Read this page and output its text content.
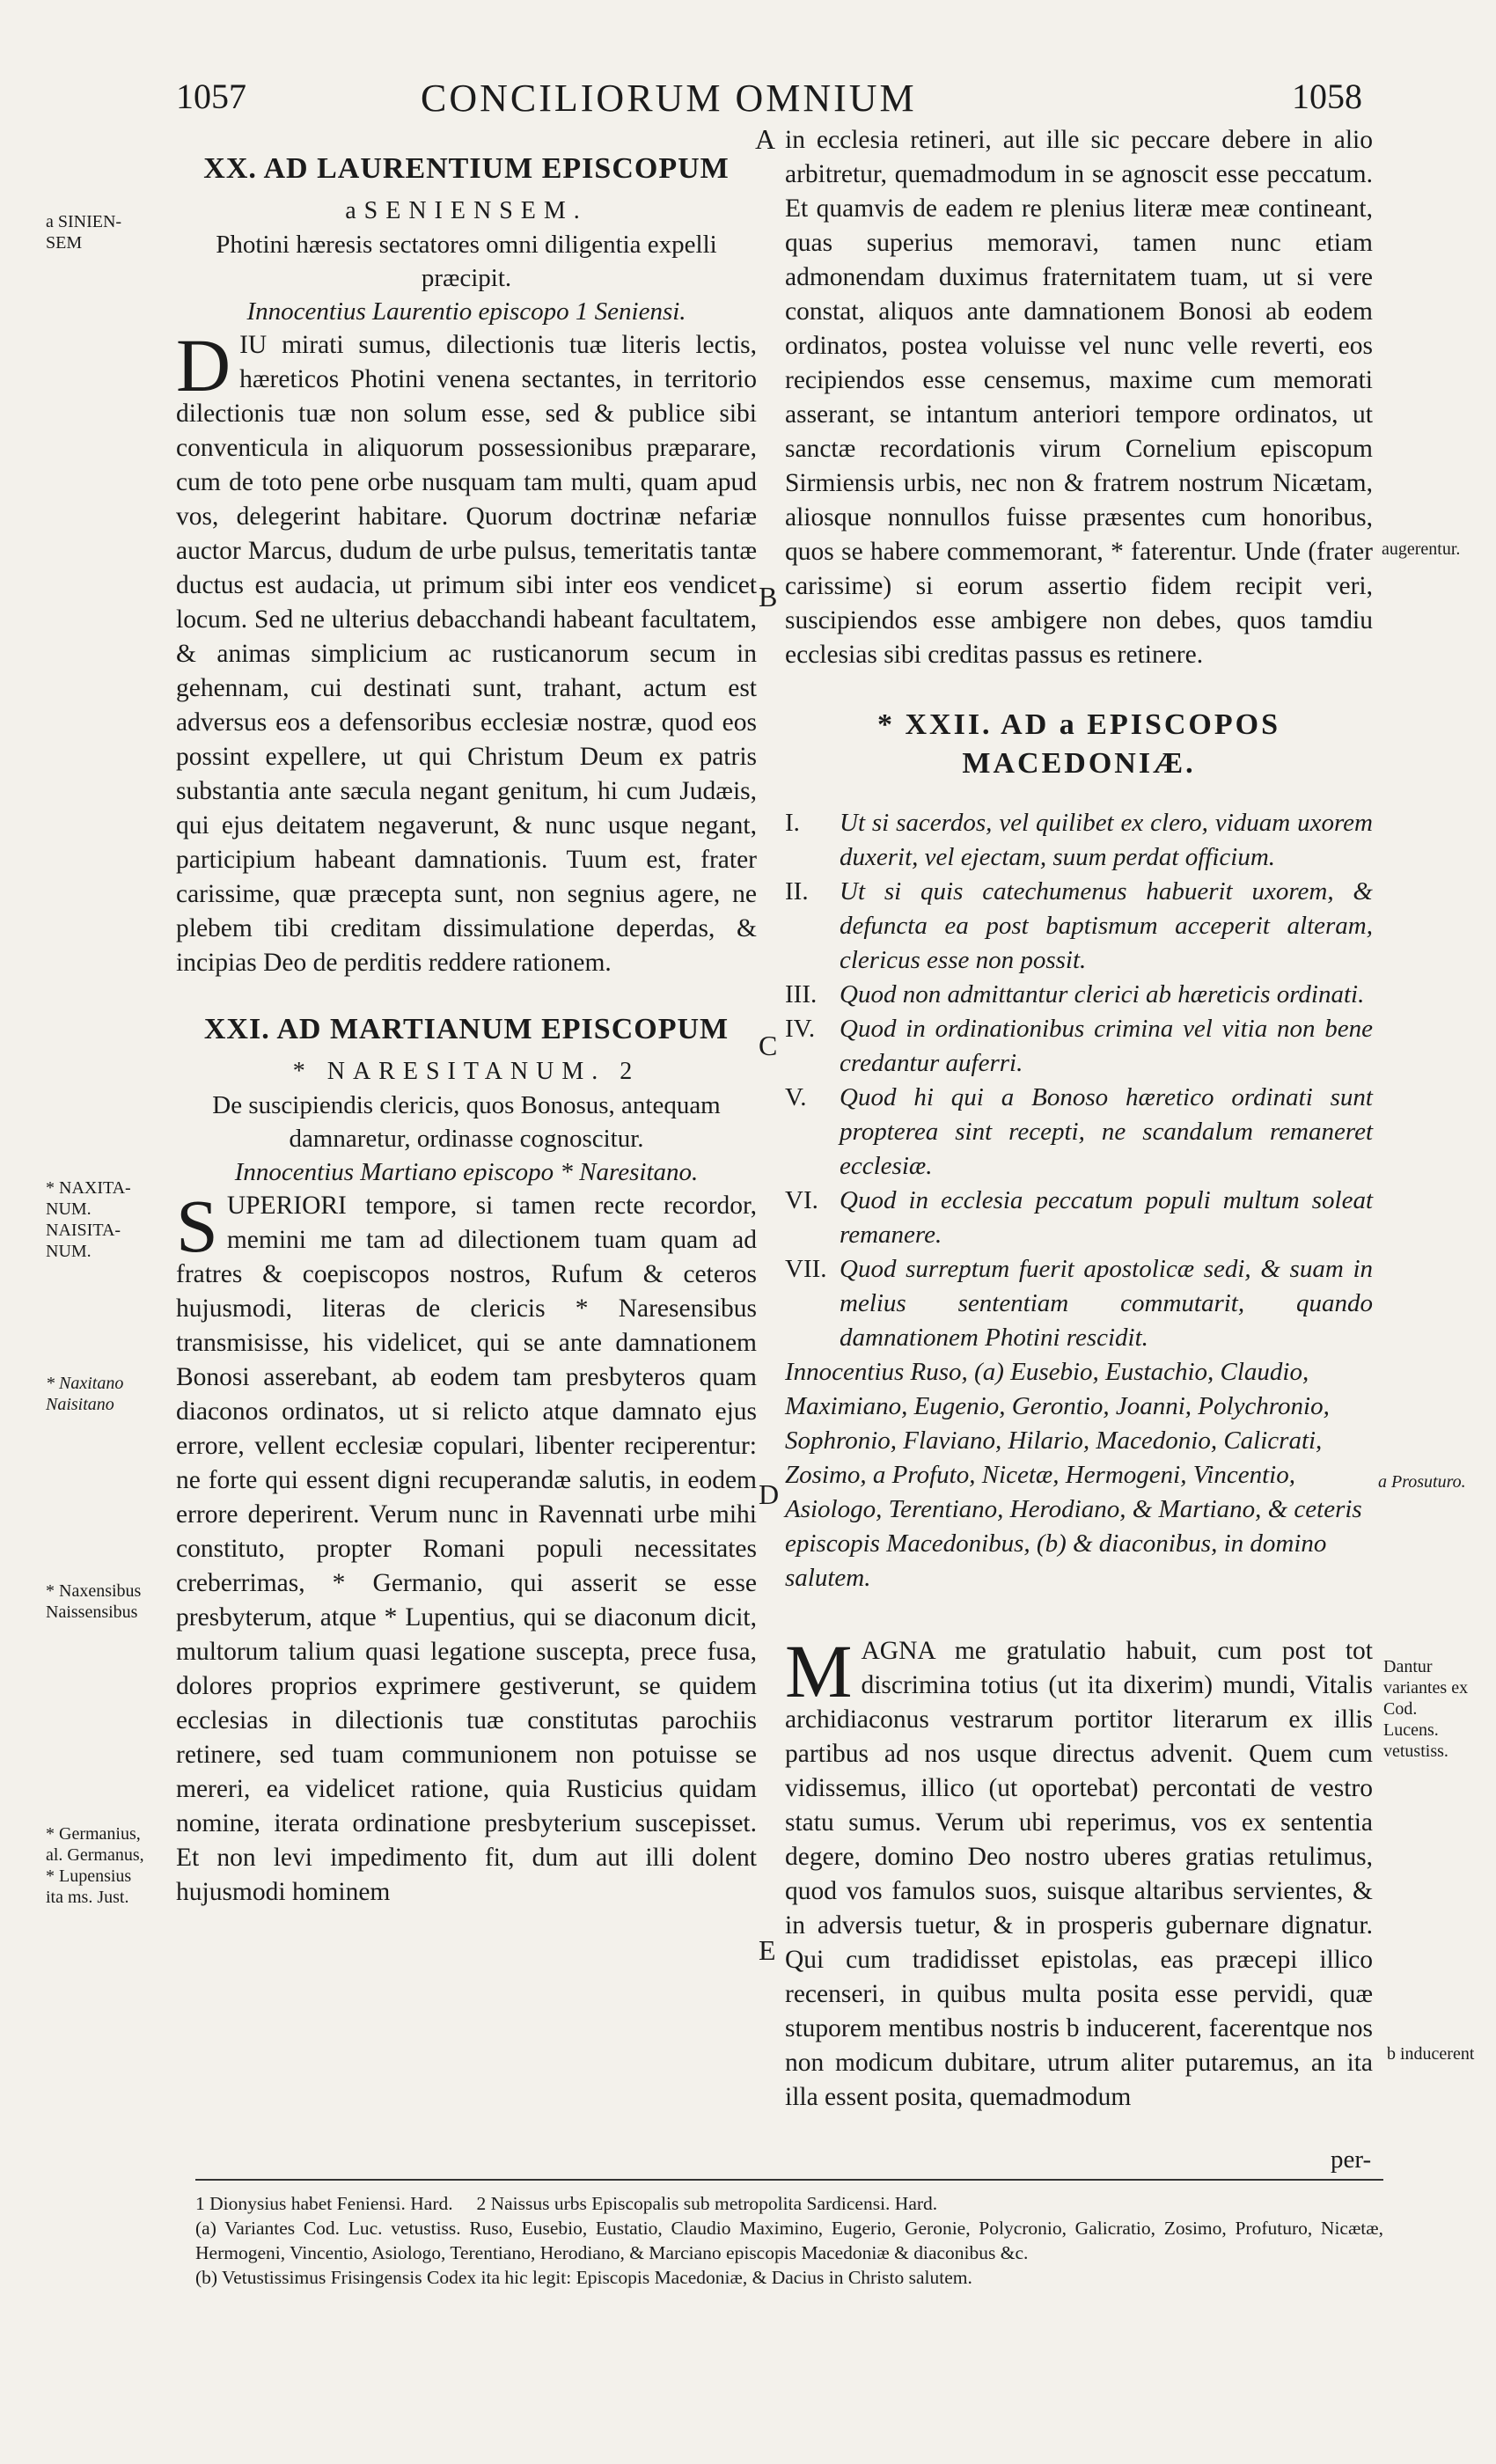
1057	CONCILIORUM OMNIUM	1058
a SINIEN-
SEM
* NAXITA-
NUM.
NAISITA-
NUM.
* Naxitano
Naisitano
* Naxensibus
Naissensibus
* Germanius,
al. Germanus,
* Lupensius
ita ms. Just.
augerentur.
a Prosuturo.
Dantur variantes ex Cod. Lucens. vetustiss.
b inducerent
A
B
C
D
E
XX. AD LAURENTIUM EPISCOPUM
aSENIENSEM.

Photini hæresis sectatores omni diligentia expelli præcipit.

Innocentius Laurentio episcopo 1 Seniensi.

DIU mirati sumus, dilectionis tuæ literis lectis, hæreticos Photini venena sectantes, in territorio dilectionis tuæ non solum esse, sed & publice sibi conventicula in aliquorum possessionibus præparare, cum de toto pene orbe nusquam tam multi, quam apud vos, delegerint habitare. Quorum doctrinæ nefariæ auctor Marcus, dudum de urbe pulsus, temeritatis tantæ ductus est audacia, ut primum sibi inter eos vendicet locum. Sed ne ulterius debacchandi habeant facultatem, & animas simplicium ac rusticanorum secum in gehennam, cui destinati sunt, trahant, actum est adversus eos a defensoribus ecclesiæ nostræ, quod eos possint expellere, ut qui Christum Deum ex patris substantia ante sæcula negant genitum, hi cum Judæis, qui ejus deitatem negaverunt, & nunc usque negant, participium habeant damnationis. Tuum est, frater carissime, quæ præcepta sunt, non segnius agere, ne plebem tibi creditam dissimulatione deperdas, & incipias Deo de perditis reddere rationem.

XXI. AD MARTIANUM EPISCOPUM
* NARESITANUM. 2

De suscipiendis clericis, quos Bonosus, antequam damnaretur, ordinasse cognoscitur.

Innocentius Martiano episcopo * Naresitano.

SUPERIORI tempore, si tamen recte recordor, memini me tam ad dilectionem tuam quam ad fratres & coepiscopos nostros, Rufum & ceteros hujusmodi, literas de clericis * Naresensibus transmisisse, his videlicet, qui se ante damnationem Bonosi asserebant, ab eodem tam presbyteros quam diaconos ordinatos, ut si relicto atque damnato ejus errore, vellent ecclesiæ copulari, libenter reciperentur: ne forte qui essent digni recuperandæ salutis, in eodem errore deperirent. Verum nunc in Ravennati urbe mihi constituto, propter Romani populi necessitates creberrimas, * Germanio, qui asserit se esse presbyterum, atque * Lupentius, qui se diaconum dicit, multorum talium quasi legatione suscepta, prece fusa, dolores proprios exprimere gestiverunt, se quidem ecclesias in dilectionis tuæ constitutas parochiis retinere, sed tuam communionem non potuisse se mereri, ea videlicet ratione, quia Rusticius quidam nomine, iterata ordinatione presbyterium suscepisset. Et non levi impedimento fit, dum aut illi dolent hujusmodi hominem

in ecclesia retineri, aut ille sic peccare debere in alio arbitretur, quemadmodum in se agnoscit esse peccatum. Et quamvis de eadem re plenius literæ meæ contineant, quas superius memoravi, tamen nunc etiam admonendam duximus fraternitatem tuam, ut si vere constat, aliquos ante damnationem Bonosi ab eodem ordinatos, postea voluisse vel nunc velle reverti, eos recipiendos esse censemus, maxime cum memorati asserant, se intantum anteriori tempore ordinatos, ut sanctæ recordationis virum Cornelium episcopum Sirmiensis urbis, nec non & fratrem nostrum Nicætam, aliosque nonnullos fuisse præsentes cum honoribus, quos se habere commemorant, * faterentur. Unde (frater carissime) si eorum assertio fidem recipit veri, suscipiendos esse ambigere non debes, quos tamdiu ecclesias sibi creditas passus es retinere.

* XXII. AD a EPISCOPOS
MACEDONIÆ.
I.	Ut si sacerdos, vel quilibet ex clero, viduam uxorem duxerit, vel ejectam, suum perdat officium.
II.	Ut si quis catechumenus habuerit uxorem, & defuncta ea post baptismum acceperit alteram, clericus esse non possit.
III. Quod non admittantur clerici ab hæreticis ordinati.
IV. Quod in ordinationibus crimina vel vitia non bene credantur auferri.
V.	Quod hi qui a Bonoso hæretico ordinati sunt propterea sint recepti, ne scandalum remaneret ecclesiæ.
VI. Quod in ecclesia peccatum populi multum soleat remanere.
VII. Quod surreptum fuerit apostolicæ sedi, & suam in melius sententiam commutarit, quando damnationem Photini rescidit.

Innocentius Ruso, (a) Eusebio, Eustachio, Claudio, Maximiano, Eugenio, Gerontio, Joanni, Polychronio, Sophronio, Flaviano, Hilario, Macedonio, Calicrati, Zosimo, a Profuto, Nicetæ, Hermogeni, Vincentio, Asiologo, Terentiano, Herodiano, & Martiano, & ceteris episcopis Macedonibus, (b) & diaconibus, in domino salutem.

MAGNA me gratulatio habuit, cum post tot discrimina totius (ut ita dixerim) mundi, Vitalis archidiaconus vestrarum portitor literarum ex illis partibus ad nos usque directus advenit. Quem cum vidissemus, illico (ut oportebat) percontati de vestro statu sumus. Verum ubi reperimus, vos ex sententia degere, domino Deo nostro uberes gratias retulimus, quod vos famulos suos, suisque altaribus servientes, & in adversis tuetur, & in prosperis gubernare dignatur. Qui cum tradidisset epistolas, eas præcepi illico recenseri, in quibus multa posita esse pervidi, quæ stuporem mentibus nostris b inducerent, facerentque nos non modicum dubitare, utrum aliter putaremus, an ita illa essent posita, quemadmodum

per-

1 Dionysius habet Feniensi. Hard.     2 Naissus urbs Episcopalis sub metropolita Sardicensi. Hard.

(a) Variantes Cod. Luc. vetustiss. Ruso, Eusebio, Eustatio, Claudio Maximino, Eugerio, Geronie, Polycronio, Galicratio, Zosimo, Profuturo, Nicætæ, Hermogeni, Vincentio, Asiologo, Terentiano, Herodiano, & Marciano episcopis Macedoniæ & diaconibus &c.

(b) Vetustissimus Frisingensis Codex ita hic legit: Episcopis Macedoniæ, & Dacius in Christo salutem.
